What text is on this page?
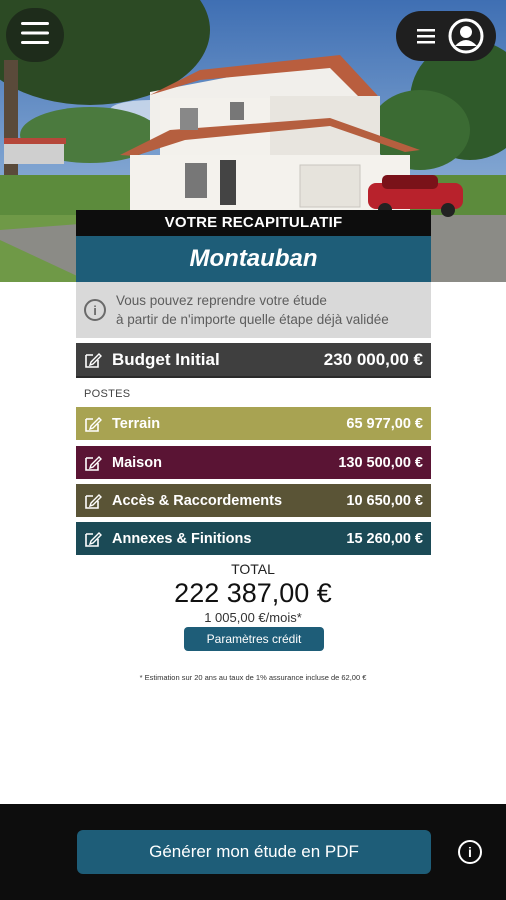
VOTRE RECAPITULATIF
Montauban
i
Vous pouvez reprendre votre étude
à partir de n'importe quelle étape déjà validée
Budget Initial	230 000,00 €
POSTES
Terrain	65 977,00 €
Maison	130 500,00 €
Accès & Raccordements	10 650,00 €
Annexes & Finitions	15 260,00 €
TOTAL
222 387,00 €
1 005,00 €/mois*
Paramètres crédit
* Estimation sur 20 ans au taux de 1% assurance incluse de 62,00 €
Générer mon étude en PDF	i
